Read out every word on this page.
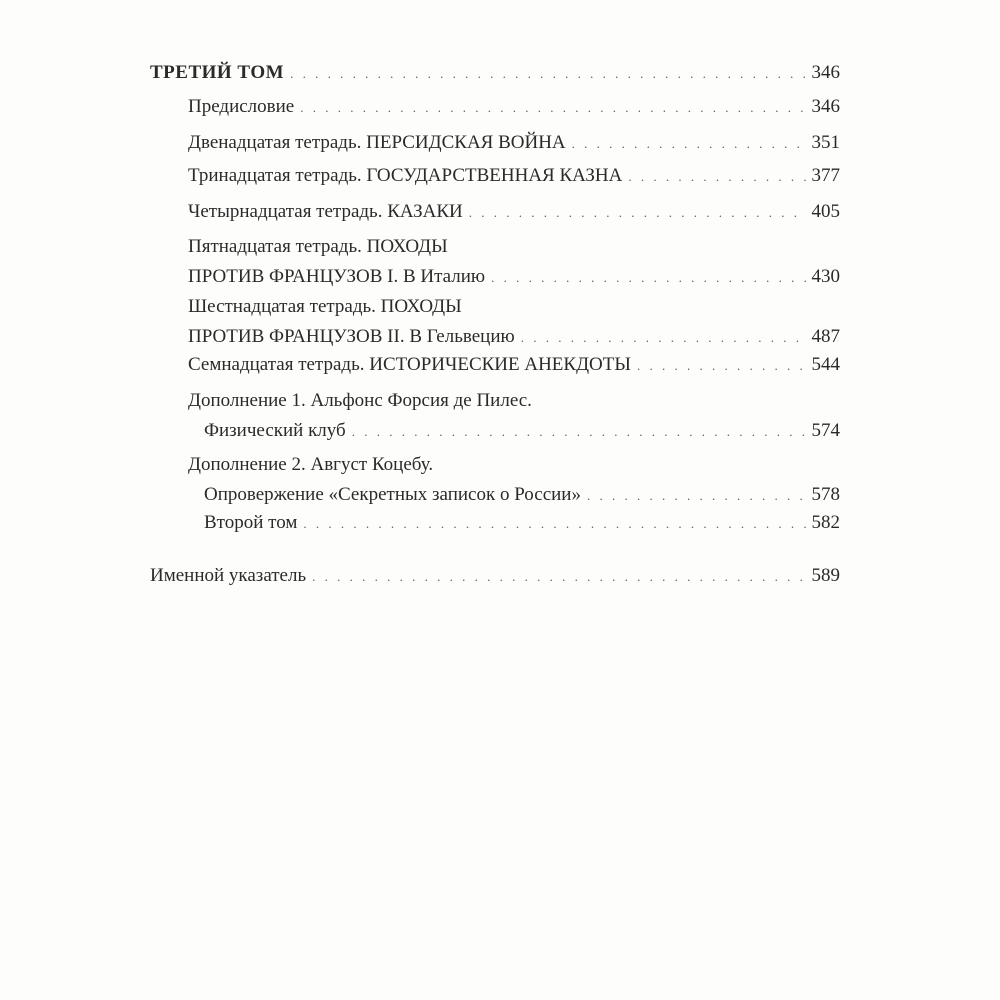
ТРЕТИЙ ТОМ . . .	346
Предисловие . . .	346
Двенадцатая тетрадь. ПЕРСИДСКАЯ ВОЙНА . . .	351
Тринадцатая тетрадь. ГОСУДАРСТВЕННАЯ КАЗНА . . .	377
Четырнадцатая тетрадь. КАЗАКИ . . .	405
Пятнадцатая тетрадь. ПОХОДЫ
ПРОТИВ ФРАНЦУЗОВ I. В Италию . . .	430
Шестнадцатая тетрадь. ПОХОДЫ
ПРОТИВ ФРАНЦУЗОВ II. В Гельвецию . . .	487
Семнадцатая тетрадь. ИСТОРИЧЕСКИЕ АНЕКДОТЫ . . .	544
Дополнение 1. Альфонс Форсия де Пилес.
Физический клуб . . .	574
Дополнение 2. Август Коцебу.
Опровержение «Секретных записок о России» . . .	578
Второй том . . .	582
Именной указатель . . .	589
